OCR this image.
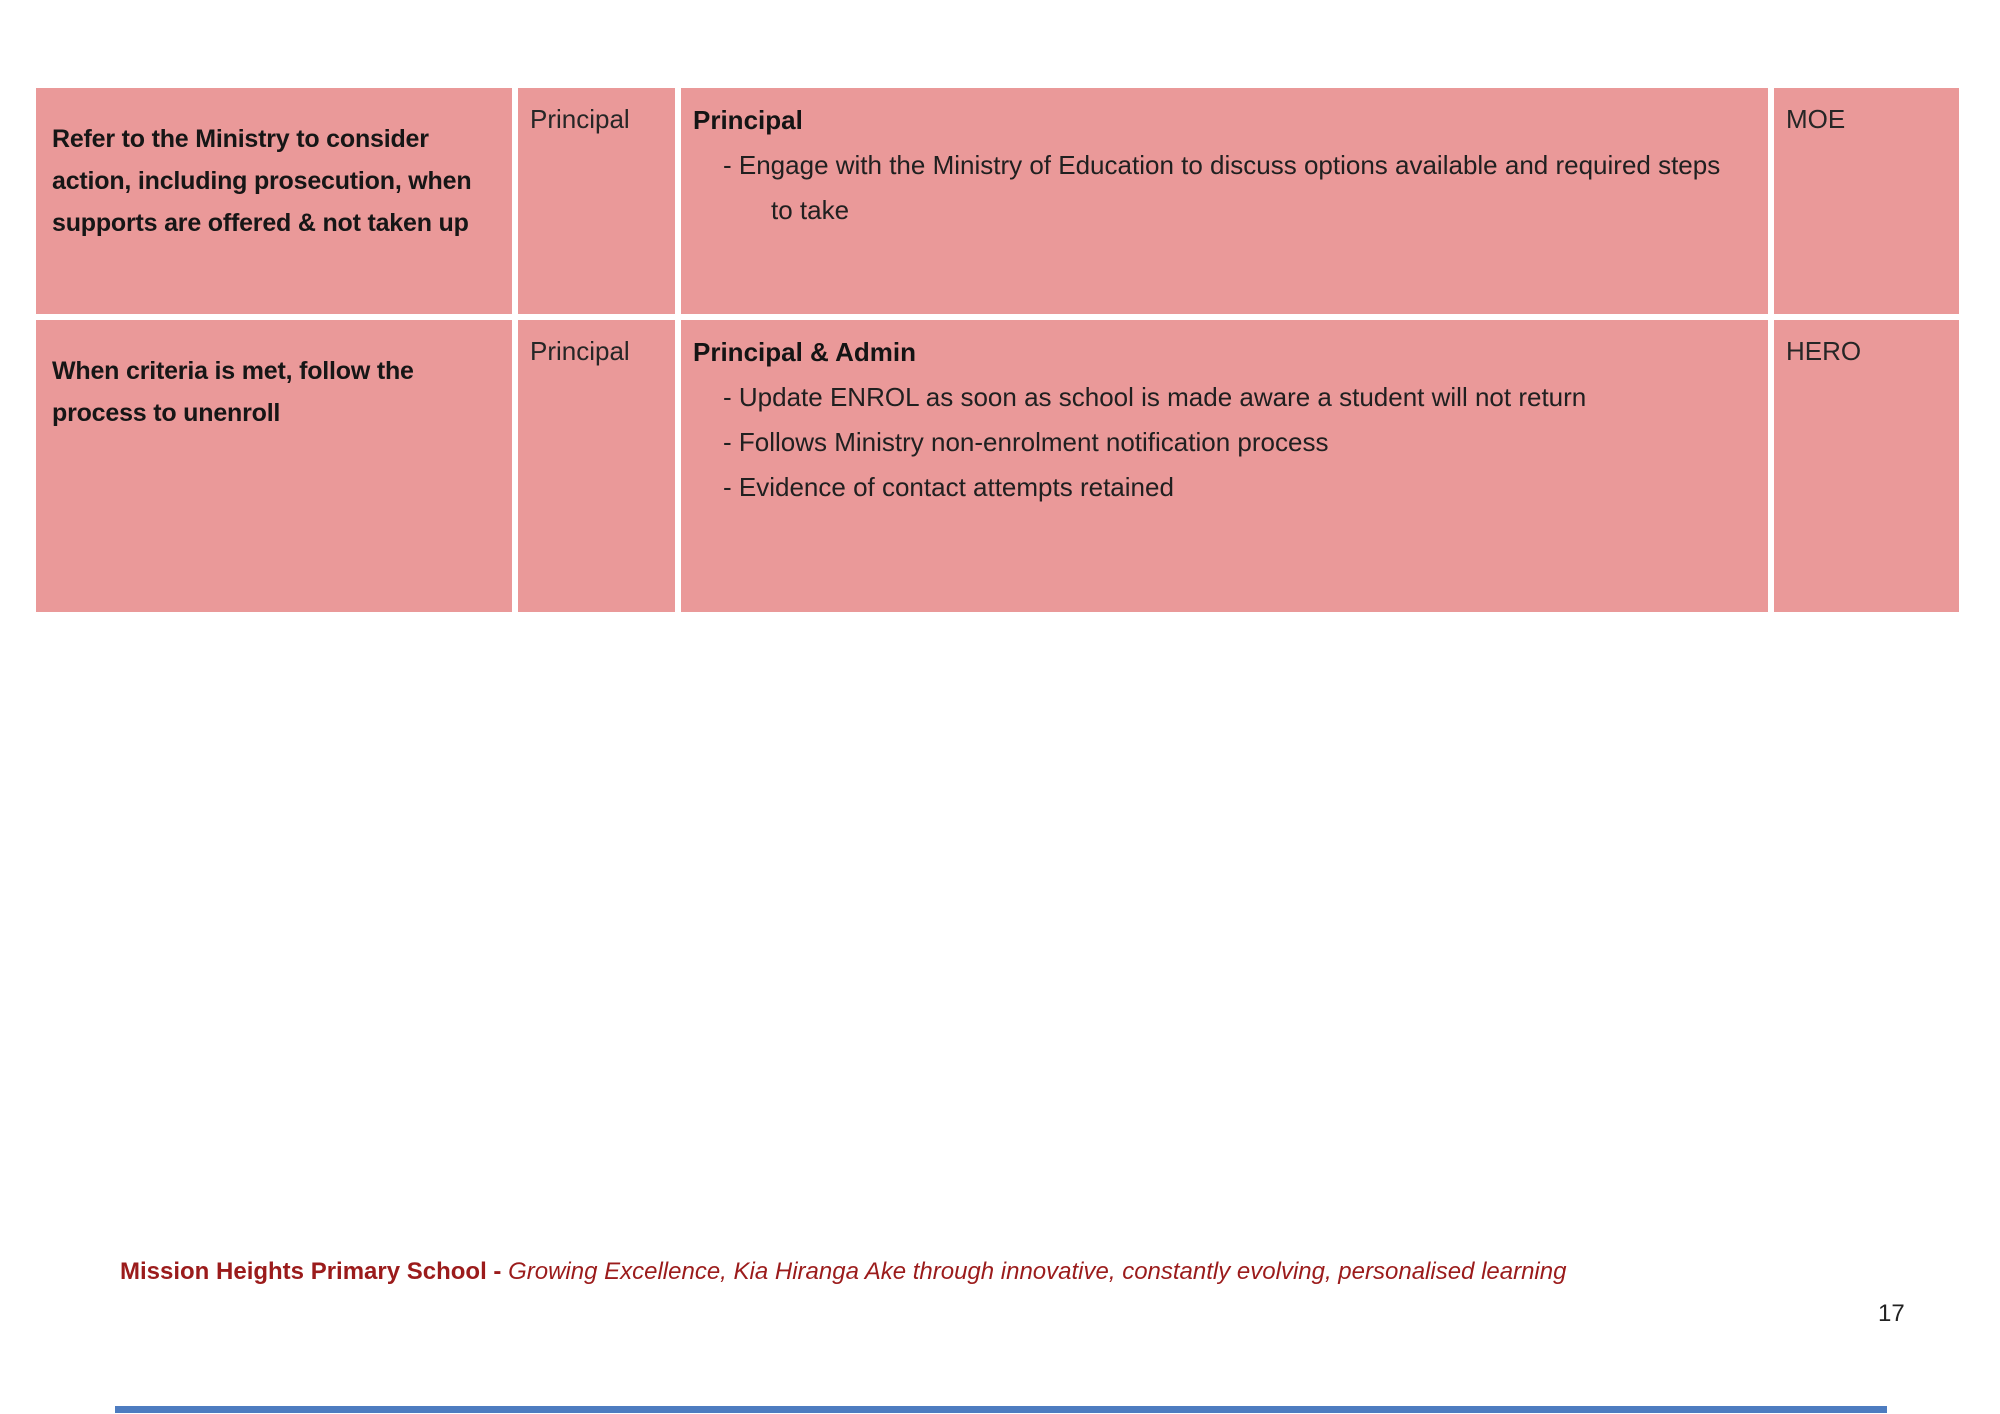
Refer to the Ministry to consider action, including prosecution, when supports are offered & not taken up
Principal	Principal
- Engage with the Ministry of Education to discuss options available and required steps to take
MOE
When criteria is met, follow the process to unenroll
Principal	Principal & Admin
- Update ENROL as soon as school is made aware a student will not return
- Follows Ministry non-enrolment notification process
- Evidence of contact attempts retained
HERO
Mission Heights Primary School - Growing Excellence, Kia Hiranga Ake through innovative, constantly evolving, personalised learning
17
